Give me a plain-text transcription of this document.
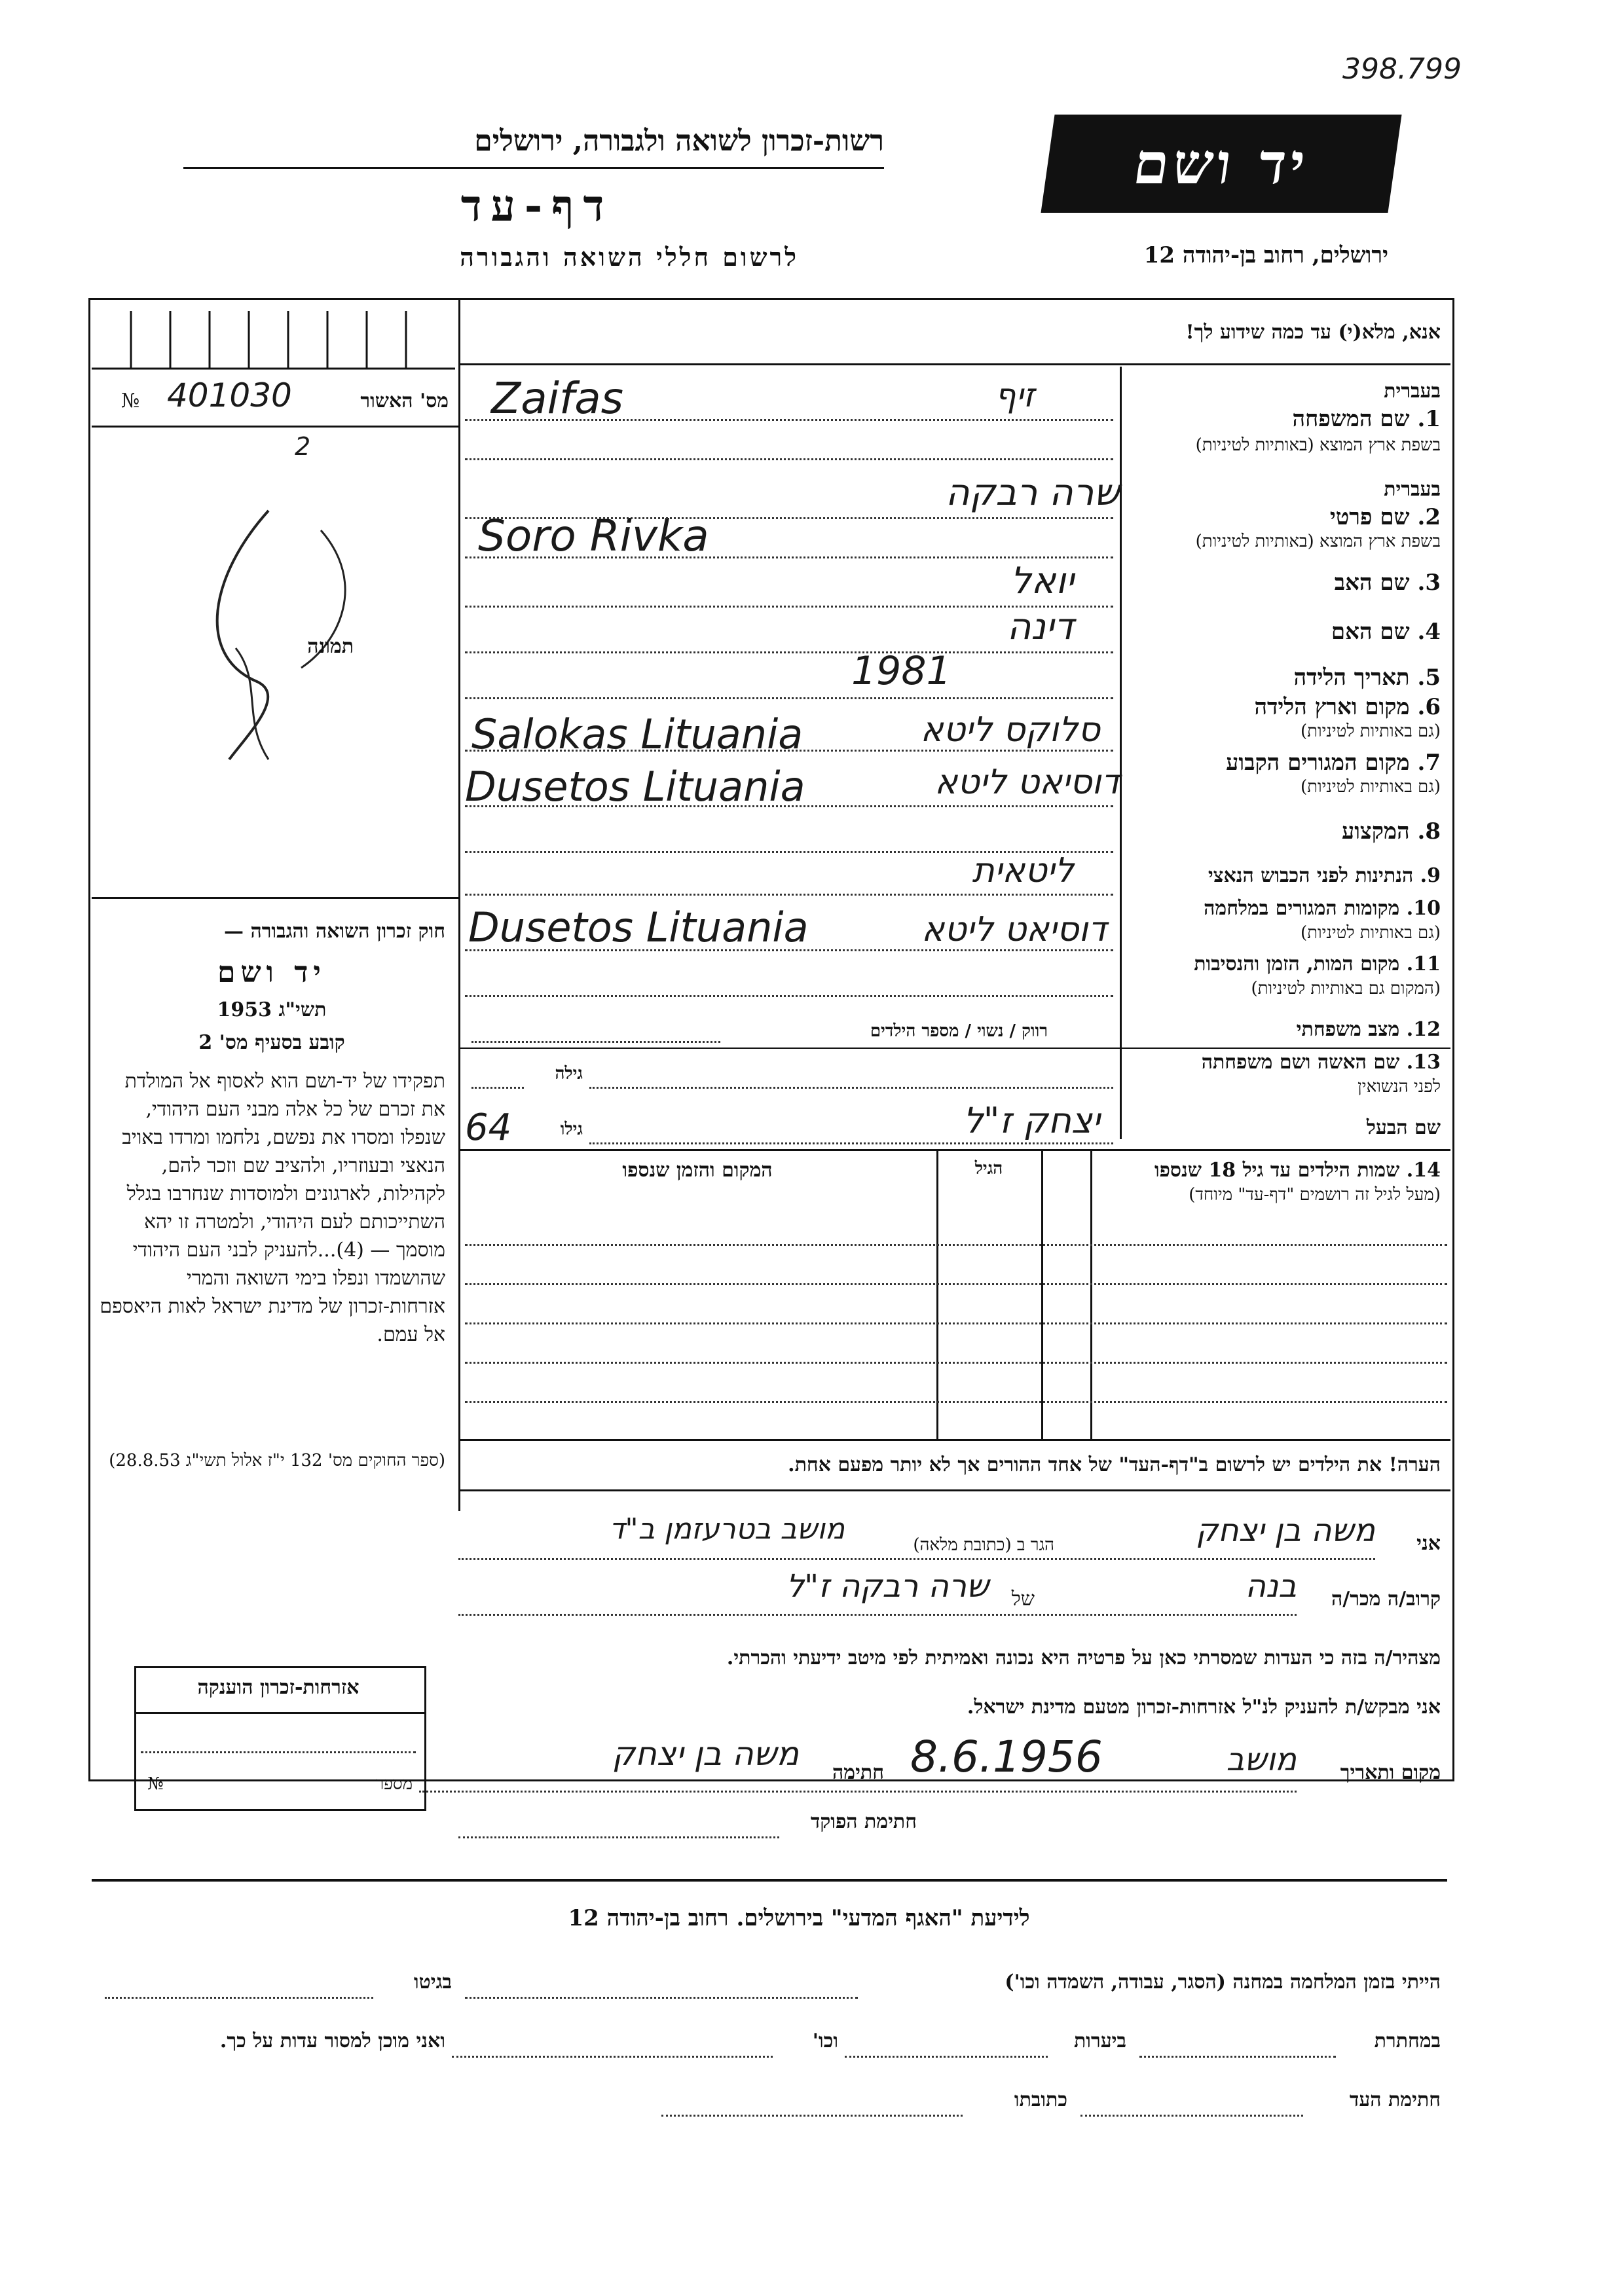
398.799
רשות-זכרון לשואה ולגבורה, ירושלים
דף-עד
לרשום חללי השואה והגבורה
יד ושם
ירושלים, רחוב בן-יהודה 12
מס' האשור
№ 401030
2
תמונה
חוק זכרון השואה והגבורה —
יד ושם
1953 תשי"ג
קובע בסעיף מס' 2
תפקידו של יד-ושם הוא לאסוף אל המולדת את זכרם של כל אלה מבני העם היהודי, שנפלו ומסרו את נפשם, נלחמו ומרדו באויב הנאצי ובעוזריו, ולהציב שם וזכר להם, לקהילות, לארגונים ולמוסדות שנחרבו בגלל השתייכותם לעם היהודי, ולמטרה זו יהא מוסמך — (4)...להעניק לבני העם היהודי שהושמדו ונפלו בימי השואה והמרי אזרחות-זכרון של מדינת ישראל לאות היאספם אל עמם.
(ספר החוקים מס' 132 י"ז אלול תשי"ג 28.8.53)
אנא, מלא(י) עד כמה שידוע לך!
בעברית
1. שם המשפחה
בשפת ארץ המוצא (באותיות לטיניות)
Zaifas	זיף
בעברית
2. שם פרטי
בשפת ארץ המוצא (באותיות לטיניות)
Soro Rivka
שרה רבקה
3. שם האב
יואל
4. שם האם
דינה
5. תאריך הלידה
1981
6. מקום וארץ הלידה
(גם באותיות לטיניות)
Salokas Lituania	סלוקס ליטא
7. מקום המגורים הקבוע
(גם באותיות לטיניות)
Dusetos Lituania	דוסיאט ליטא
8. המקצוע
9. הנתינות לפני הכבוש הנאצי
ליטאית
10. מקומות המגורים במלחמה
(גם באותיות לטיניות)
Dusetos Lituania	דוסיאט ליטא
11. מקום המות, הזמן והנסיבות
(המקום גם באותיות לטיניות)
12. מצב משפחתי
רווק / נשוי / מספר הילדים
13. שם האשה ושם משפחתה
לפני הנשואין
גילה
שם הבעל
64	גילו	יצחק ז"ל
14. שמות הילדים עד גיל 18 שנספו
(מעל לגיל זה רושמים "דף-עד" מיוחד)
הגיל
המקום והזמן שנספו
הערה! את הילדים יש לרשום ב"דף-העד" של אחד ההורים אך לא יותר מפעם אחת.
אני
משה בן יצחק
הגר ב (כתובת מלאה)
מושב בטרעזמן ב"ד
קרוב/ה מכר/ה
בנה
של
שרה רבקה ז"ל
מצהיר/ה בזה כי העדות שמסרתי כאן על פרטיה היא נכונה ואמיתית לפי מיטב ידיעתי והכרתי.
אני מבקש/ת להעניק לנ"ל אזרחות-זכרון מטעם מדינת ישראל.
מקום ותאריך
מושב
8.6.1956
חתימה
משה בן יצחק
חתימת הפוקד
אזרחות-זכרון הוענקה
מספר
№
לידיעת "האגף המדעי" בירושלים. רחוב בן-יהודה 12
הייתי בזמן המלחמה במחנה (הסגר, עבודה, השמדה וכו')
בגיטו
במחתרת
ביערות
וכו'
ואני מוכן למסור עדות על כך.
חתימת העד
כתובתו
